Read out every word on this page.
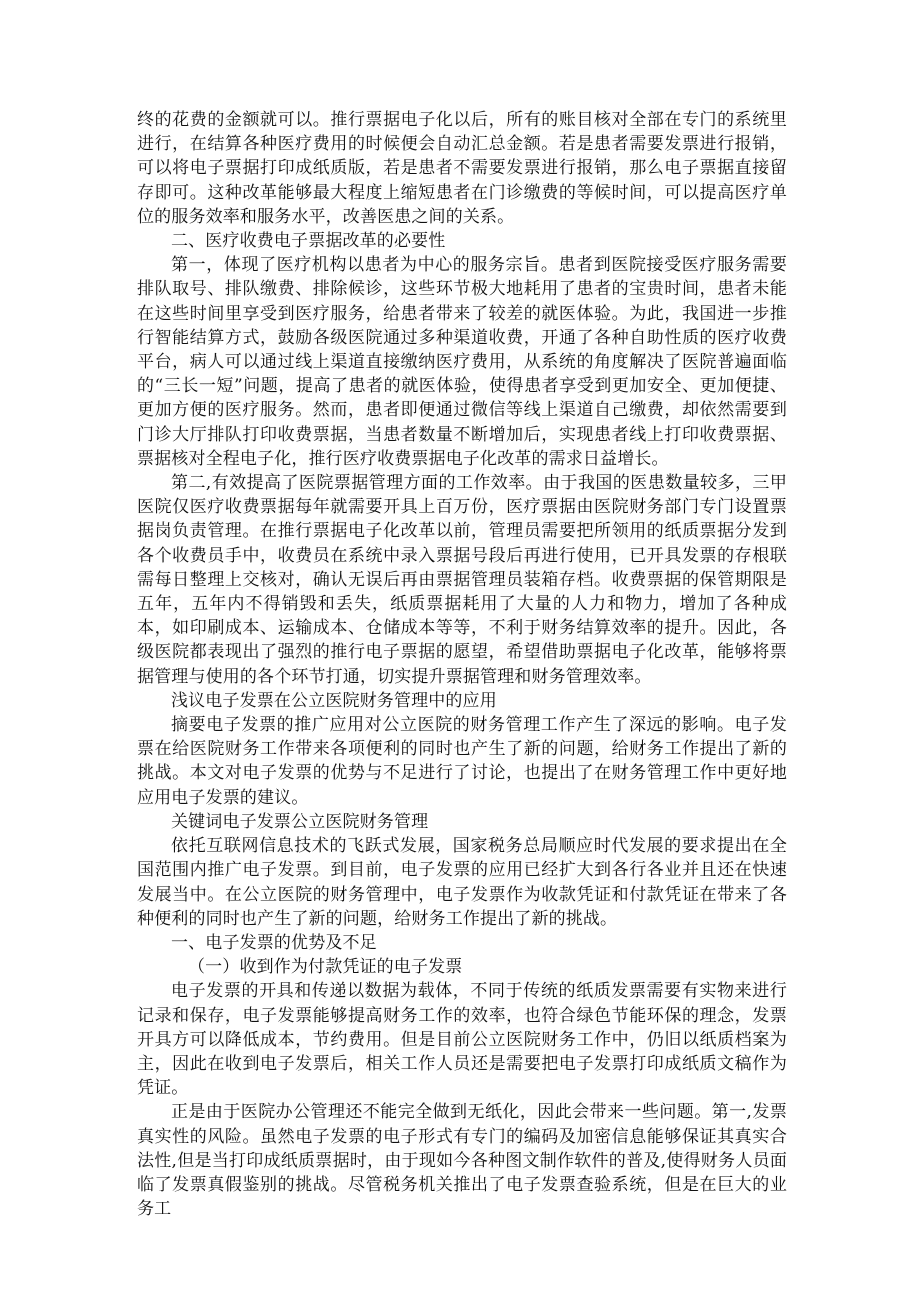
终的花费的金额就可以。推行票据电子化以后，所有的账目核对全部在专门的系统里进行，在结算各种医疗费用的时候便会自动汇总金额。若是患者需要发票进行报销，可以将电子票据打印成纸质版，若是患者不需要发票进行报销，那么电子票据直接留存即可。这种改革能够最大程度上缩短患者在门诊缴费的等候时间，可以提高医疗单位的服务效率和服务水平，改善医患之间的关系。

二、医疗收费电子票据改革的必要性

第一，体现了医疗机构以患者为中心的服务宗旨。患者到医院接受医疗服务需要排队取号、排队缴费、排除候诊，这些环节极大地耗用了患者的宝贵时间，患者未能在这些时间里享受到医疗服务，给患者带来了较差的就医体验。为此，我国进一步推行智能结算方式，鼓励各级医院通过多种渠道收费，开通了各种自助性质的医疗收费平台，病人可以通过线上渠道直接缴纳医疗费用，从系统的角度解决了医院普遍面临的“三长一短”问题，提高了患者的就医体验，使得患者享受到更加安全、更加便捷、更加方便的医疗服务。然而，患者即便通过微信等线上渠道自己缴费，却依然需要到门诊大厅排队打印收费票据，当患者数量不断增加后，实现患者线上打印收费票据、票据核对全程电子化，推行医疗收费票据电子化改革的需求日益增长。

第二,有效提高了医院票据管理方面的工作效率。由于我国的医患数量较多，三甲医院仅医疗收费票据每年就需要开具上百万份，医疗票据由医院财务部门专门设置票据岗负责管理。在推行票据电子化改革以前，管理员需要把所领用的纸质票据分发到各个收费员手中，收费员在系统中录入票据号段后再进行使用，已开具发票的存根联需每日整理上交核对，确认无误后再由票据管理员装箱存档。收费票据的保管期限是五年，五年内不得销毁和丢失，纸质票据耗用了大量的人力和物力，增加了各种成本，如印刷成本、运输成本、仓储成本等等，不利于财务结算效率的提升。因此，各级医院都表现出了强烈的推行电子票据的愿望，希望借助票据电子化改革，能够将票据管理与使用的各个环节打通，切实提升票据管理和财务管理效率。

浅议电子发票在公立医院财务管理中的应用

摘要电子发票的推广应用对公立医院的财务管理工作产生了深远的影响。电子发票在给医院财务工作带来各项便利的同时也产生了新的问题，给财务工作提出了新的挑战。本文对电子发票的优势与不足进行了讨论，也提出了在财务管理工作中更好地应用电子发票的建议。

关键词电子发票公立医院财务管理

依托互联网信息技术的飞跃式发展，国家税务总局顺应时代发展的要求提出在全国范围内推广电子发票。到目前，电子发票的应用已经扩大到各行各业并且还在快速发展当中。在公立医院的财务管理中，电子发票作为收款凭证和付款凭证在带来了各种便利的同时也产生了新的问题，给财务工作提出了新的挑战。

一、电子发票的优势及不足

（一）收到作为付款凭证的电子发票

电子发票的开具和传递以数据为载体，不同于传统的纸质发票需要有实物来进行记录和保存，电子发票能够提高财务工作的效率，也符合绿色节能环保的理念，发票开具方可以降低成本，节约费用。但是目前公立医院财务工作中，仍旧以纸质档案为主，因此在收到电子发票后，相关工作人员还是需要把电子发票打印成纸质文稿作为凭证。

正是由于医院办公管理还不能完全做到无纸化，因此会带来一些问题。第一,发票真实性的风险。虽然电子发票的电子形式有专门的编码及加密信息能够保证其真实合法性,但是当打印成纸质票据时，由于现如今各种图文制作软件的普及,使得财务人员面临了发票真假鉴别的挑战。尽管税务机关推出了电子发票查验系统，但是在巨大的业务工
